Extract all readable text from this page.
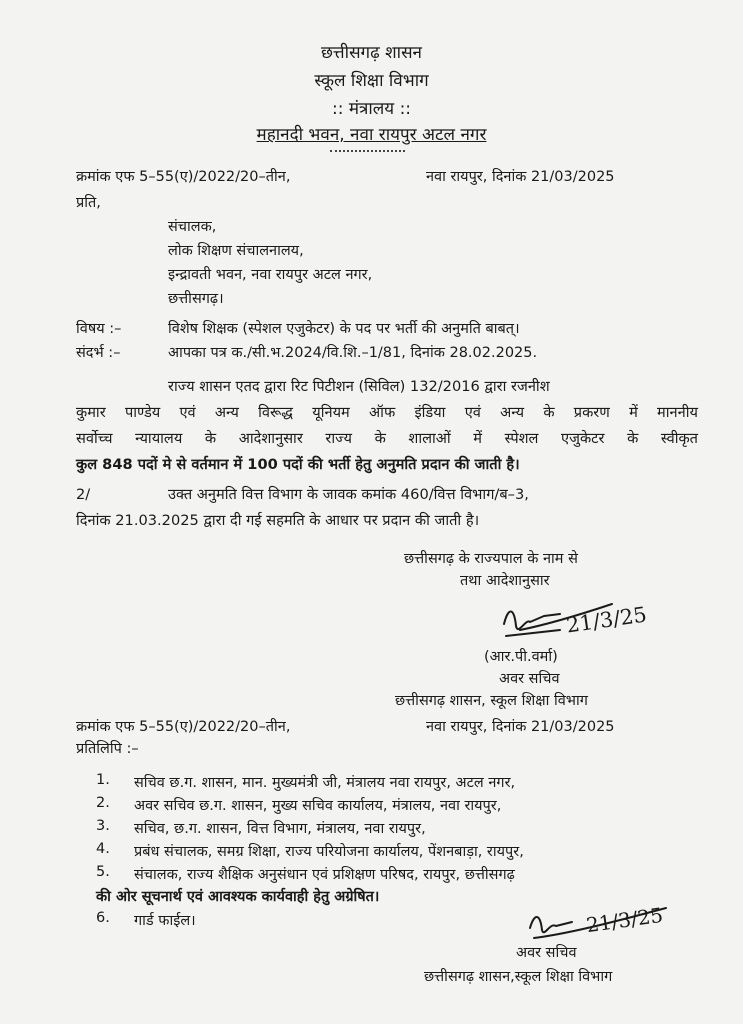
छत्तीसगढ़ शासन
स्कूल शिक्षा विभाग
:: मंत्रालय ::
महानदी भवन, नवा रायपुर अटल नगर
क्रमांक एफ 5–55(ए)/2022/20–तीन,	नवा रायपुर, दिनांक 21/03/2025
प्रति,
संचालक,
लोक शिक्षण संचालनालय,
इन्द्रावती भवन, नवा रायपुर अटल नगर,
छत्तीसगढ़।
विषय :–	विशेष शिक्षक (स्पेशल एजुकेटर) के पद पर भर्ती की अनुमति बाबत्।
संदर्भ :–	आपका पत्र क./सी.भ.2024/वि.शि.–1/81, दिनांक 28.02.2025.
राज्य शासन एतद द्वारा रिट पिटीशन (सिविल) 132/2016 द्वारा रजनीश
कुमार पाण्डेय एवं अन्य विरूद्ध यूनियम ऑफ इंडिया एवं अन्य के प्रकरण में माननीय
सर्वोच्च न्यायालय के आदेशानुसार राज्य के शालाओं में स्पेशल एजुकेटर के स्वीकृत
कुल 848 पदों मे से वर्तमान में 100 पदों की भर्ती हेतु अनुमति प्रदान की जाती है।
2/	उक्त अनुमति वित्त विभाग के जावक कमांक 460/वित्त विभाग/ब–3,
दिनांक 21.03.2025 द्वारा दी गई सहमति के आधार पर प्रदान की जाती है।
छत्तीसगढ़ के राज्यपाल के नाम से
तथा आदेशानुसार
21/3/25
(आर.पी.वर्मा)
अवर सचिव
छत्तीसगढ़ शासन, स्कूल शिक्षा विभाग
क्रमांक एफ 5–55(ए)/2022/20–तीन,	नवा रायपुर, दिनांक 21/03/2025
प्रतिलिपि :–
1. सचिव छ.ग. शासन, मान. मुख्यमंत्री जी, मंत्रालय नवा रायपुर, अटल नगर,
2. अवर सचिव छ.ग. शासन, मुख्य सचिव कार्यालय, मंत्रालय, नवा रायपुर,
3. सचिव, छ.ग. शासन, वित्त विभाग, मंत्रालय, नवा रायपुर,
4. प्रबंध संचालक, समग्र शिक्षा, राज्य परियोजना कार्यालय, पेंशनबाड़ा, रायपुर,
5. संचालक, राज्य शैक्षिक अनुसंधान एवं प्रशिक्षण परिषद, रायपुर, छत्तीसगढ़
की ओर सूचनार्थ एवं आवश्यक कार्यवाही हेतु अग्रेषित।
6. गार्ड फाईल।	21/3/25
अवर सचिव
छत्तीसगढ़ शासन,स्कूल शिक्षा विभाग
